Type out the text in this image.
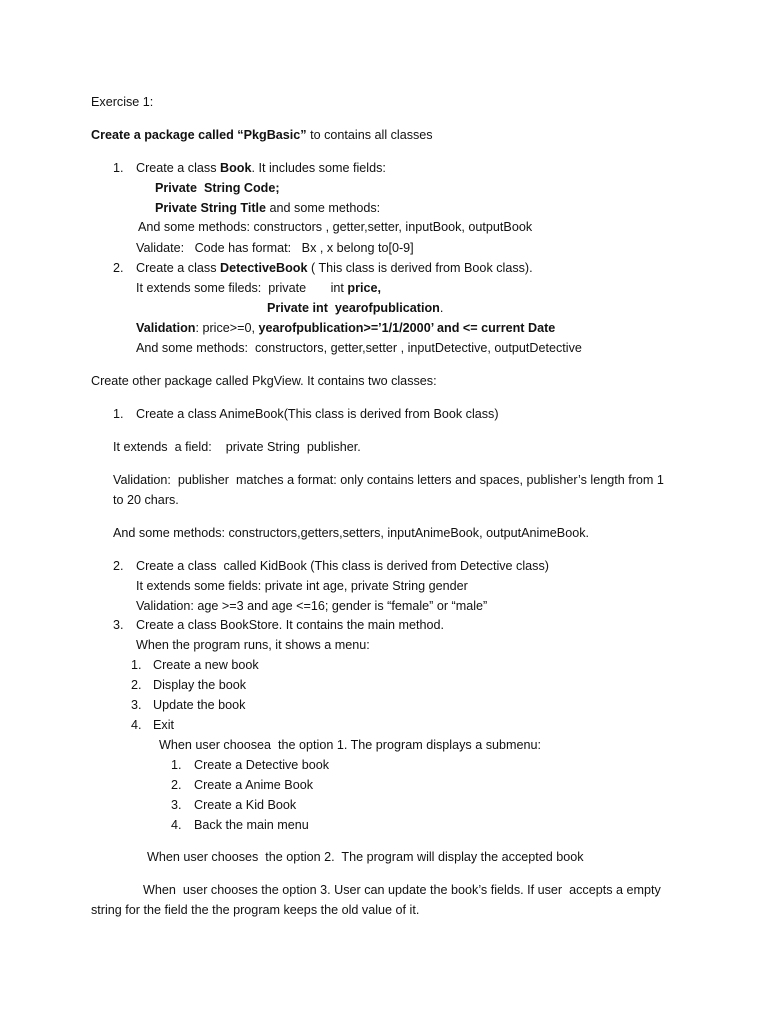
Exercise 1:
Create a package called “PkgBasic” to contains all classes
1. Create a class Book. It includes some fields:
Private  String Code;
Private String Title and some methods:
And some methods: constructors , getter,setter, inputBook, outputBook
Validate:   Code has format:   Bx , x belong to[0-9]
2. Create a class DetectiveBook ( This class is derived from Book class).
It extends some fileds:  private       int price,
Private int  yearofpublication.
Validation: price>=0, yearofpublication>=’1/1/2000’ and <= current Date
And some methods:  constructors, getter,setter , inputDetective, outputDetective
Create other package called PkgView. It contains two classes:
1. Create a class AnimeBook(This class is derived from Book class)
It extends  a field:    private String  publisher.
Validation:  publisher  matches a format: only contains letters and spaces, publisher’s length from 1
to 20 chars.
And some methods: constructors,getters,setters, inputAnimeBook, outputAnimeBook.
2. Create a class  called KidBook (This class is derived from Detective class)
It extends some fields: private int age, private String gender
Validation: age >=3 and age <=16; gender is “female” or “male”
3. Create a class BookStore. It contains the main method.
When the program runs, it shows a menu:
1. Create a new book
2. Display the book
3. Update the book
4. Exit
When user choosea  the option 1. The program displays a submenu:
1. Create a Detective book
2. Create a Anime Book
3. Create a Kid Book
4. Back the main menu
When user chooses  the option 2.  The program will display the accepted book
When  user chooses the option 3. User can update the book’s fields. If user  accepts a empty
string for the field the the program keeps the old value of it.
